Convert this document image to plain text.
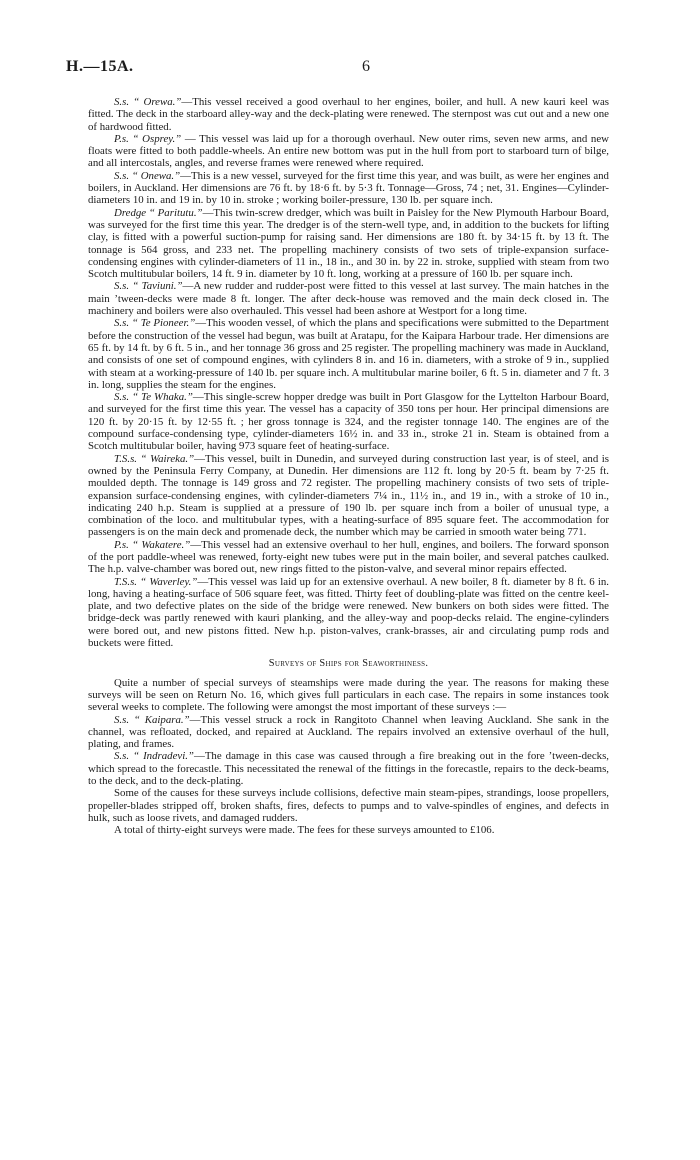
H.—15A.	6

S.s. “ Orewa.”—This vessel received a good overhaul to her engines, boiler, and hull. A new kauri keel was fitted. The deck in the starboard alley-way and the deck-plating were renewed. The sternpost was cut out and a new one of hardwood fitted.

P.s. “ Osprey.” — This vessel was laid up for a thorough overhaul. New outer rims, seven new arms, and new floats were fitted to both paddle-wheels. An entire new bottom was put in the hull from port to starboard turn of bilge, and all intercostals, angles, and reverse frames were renewed where required.

S.s. “ Onewa.”—This is a new vessel, surveyed for the first time this year, and was built, as were her engines and boilers, in Auckland. Her dimensions are 76 ft. by 18·6 ft. by 5·3 ft. Tonnage—Gross, 74 ; net, 31. Engines—Cylinder-diameters 10 in. and 19 in. by 10 in. stroke ; working boiler-pressure, 130 lb. per square inch.

Dredge “ Paritutu.”—This twin-screw dredger, which was built in Paisley for the New Plymouth Harbour Board, was surveyed for the first time this year. The dredger is of the stern-well type, and, in addition to the buckets for lifting clay, is fitted with a powerful suction-pump for raising sand. Her dimensions are 180 ft. by 34·15 ft. by 13 ft. The tonnage is 564 gross, and 233 net. The propelling machinery consists of two sets of triple-expansion surface-condensing engines with cylinder-diameters of 11 in., 18 in., and 30 in. by 22 in. stroke, supplied with steam from two Scotch multitubular boilers, 14 ft. 9 in. diameter by 10 ft. long, working at a pressure of 160 lb. per square inch.

S.s. “ Taviuni.”—A new rudder and rudder-post were fitted to this vessel at last survey. The main hatches in the main ’tween-decks were made 8 ft. longer. The after deck-house was removed and the main deck closed in. The machinery and boilers were also overhauled. This vessel had been ashore at Westport for a long time.

S.s. “ Te Pioneer.”—This wooden vessel, of which the plans and specifications were submitted to the Department before the construction of the vessel had begun, was built at Aratapu, for the Kaipara Harbour trade. Her dimensions are 65 ft. by 14 ft. by 6 ft. 5 in., and her tonnage 36 gross and 25 register. The propelling machinery was made in Auckland, and consists of one set of compound engines, with cylinders 8 in. and 16 in. diameters, with a stroke of 9 in., supplied with steam at a working-pressure of 140 lb. per square inch. A multitubular marine boiler, 6 ft. 5 in. diameter and 7 ft. 3 in. long, supplies the steam for the engines.

S.s. “ Te Whaka.”—This single-screw hopper dredge was built in Port Glasgow for the Lyttelton Harbour Board, and surveyed for the first time this year. The vessel has a capacity of 350 tons per hour. Her principal dimensions are 120 ft. by 20·15 ft. by 12·55 ft. ; her gross tonnage is 324, and the register tonnage 140. The engines are of the compound surface-condensing type, cylinder-diameters 16½ in. and 33 in., stroke 21 in. Steam is obtained from a Scotch multitubular boiler, having 973 square feet of heating-surface.

T.S.s. “ Waireka.”—This vessel, built in Dunedin, and surveyed during construction last year, is of steel, and is owned by the Peninsula Ferry Company, at Dunedin. Her dimensions are 112 ft. long by 20·5 ft. beam by 7·25 ft. moulded depth. The tonnage is 149 gross and 72 register. The propelling machinery consists of two sets of triple-expansion surface-condensing engines, with cylinder-diameters 7¼ in., 11½ in., and 19 in., with a stroke of 10 in., indicating 240 h.p. Steam is supplied at a pressure of 190 lb. per square inch from a boiler of unusual type, a combination of the loco. and multitubular types, with a heating-surface of 895 square feet. The accommodation for passengers is on the main deck and promenade deck, the number which may be carried in smooth water being 771.

P.s. “ Wakatere.”—This vessel had an extensive overhaul to her hull, engines, and boilers. The forward sponson of the port paddle-wheel was renewed, forty-eight new tubes were put in the main boiler, and several patches caulked. The h.p. valve-chamber was bored out, new rings fitted to the piston-valve, and several minor repairs effected.

T.S.s. “ Waverley.”—This vessel was laid up for an extensive overhaul. A new boiler, 8 ft. diameter by 8 ft. 6 in. long, having a heating-surface of 506 square feet, was fitted. Thirty feet of doubling-plate was fitted on the centre keel-plate, and two defective plates on the side of the bridge were renewed. New bunkers on both sides were fitted. The bridge-deck was partly renewed with kauri planking, and the alley-way and poop-decks relaid. The engine-cylinders were bored out, and new pistons fitted. New h.p. piston-valves, crank-brasses, air and circulating pump rods and buckets were fitted.

Surveys of Ships for Seaworthiness.

Quite a number of special surveys of steamships were made during the year. The reasons for making these surveys will be seen on Return No. 16, which gives full particulars in each case. The repairs in some instances took several weeks to complete. The following were amongst the most important of these surveys :—

S.s. “ Kaipara.”—This vessel struck a rock in Rangitoto Channel when leaving Auckland. She sank in the channel, was refloated, docked, and repaired at Auckland. The repairs involved an extensive overhaul of the hull, plating, and frames.

S.s. “ Indradevi.”—The damage in this case was caused through a fire breaking out in the fore ’tween-decks, which spread to the forecastle. This necessitated the renewal of the fittings in the forecastle, repairs to the deck-beams, to the deck, and to the deck-plating.

Some of the causes for these surveys include collisions, defective main steam-pipes, strandings, loose propellers, propeller-blades stripped off, broken shafts, fires, defects to pumps and to valve-spindles of engines, and defects in hulk, such as loose rivets, and damaged rudders.

A total of thirty-eight surveys were made. The fees for these surveys amounted to £106.
